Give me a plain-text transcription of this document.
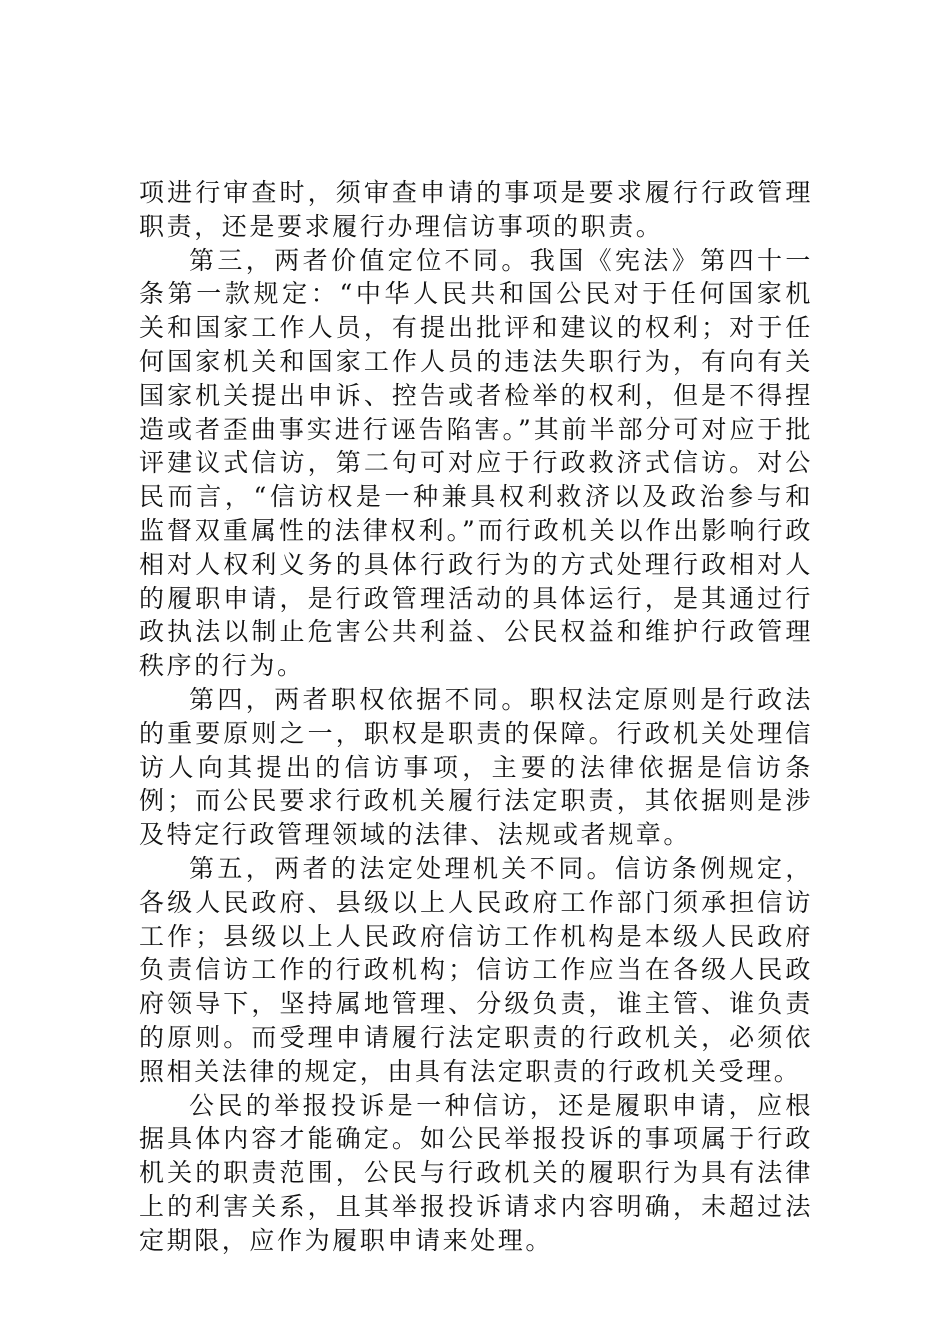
项进行审查时，须审查申请的事项是要求履行行政管理职责，还是要求履行办理信访事项的职责。

第三，两者价值定位不同。我国《宪法》第四十一条第一款规定：“中华人民共和国公民对于任何国家机关和国家工作人员，有提出批评和建议的权利；对于任何国家机关和国家工作人员的违法失职行为，有向有关国家机关提出申诉、控告或者检举的权利，但是不得捏造或者歪曲事实进行诬告陷害。”其前半部分可对应于批评建议式信访，第二句可对应于行政救济式信访。对公民而言，“信访权是一种兼具权利救济以及政治参与和监督双重属性的法律权利。”而行政机关以作出影响行政相对人权利义务的具体行政行为的方式处理行政相对人的履职申请，是行政管理活动的具体运行，是其通过行政执法以制止危害公共利益、公民权益和维护行政管理秩序的行为。

第四，两者职权依据不同。职权法定原则是行政法的重要原则之一，职权是职责的保障。行政机关处理信访人向其提出的信访事项，主要的法律依据是信访条例；而公民要求行政机关履行法定职责，其依据则是涉及特定行政管理领域的法律、法规或者规章。

第五，两者的法定处理机关不同。信访条例规定，各级人民政府、县级以上人民政府工作部门须承担信访工作；县级以上人民政府信访工作机构是本级人民政府负责信访工作的行政机构；信访工作应当在各级人民政府领导下，坚持属地管理、分级负责，谁主管、谁负责的原则。而受理申请履行法定职责的行政机关，必须依照相关法律的规定，由具有法定职责的行政机关受理。

公民的举报投诉是一种信访，还是履职申请，应根据具体内容才能确定。如公民举报投诉的事项属于行政机关的职责范围，公民与行政机关的履职行为具有法律上的利害关系，且其举报投诉请求内容明确，未超过法定期限，应作为履职申请来处理。
